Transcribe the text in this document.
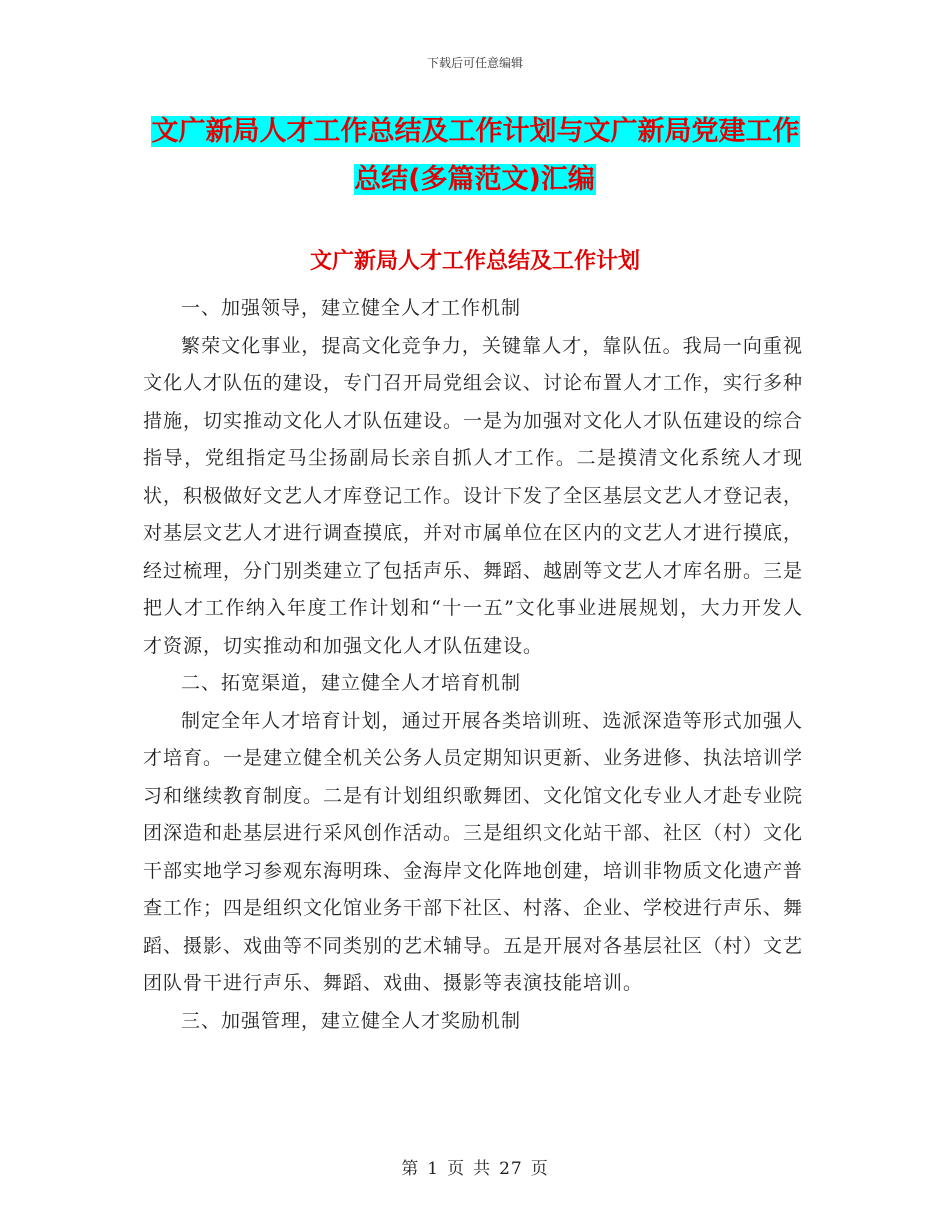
下载后可任意编辑
文广新局人才工作总结及工作计划与文广新局党建工作总结(多篇范文)汇编
文广新局人才工作总结及工作计划

一、加强领导，建立健全人才工作机制

繁荣文化事业，提高文化竞争力，关键靠人才，靠队伍。我局一向重视文化人才队伍的建设，专门召开局党组会议、讨论布置人才工作，实行多种措施，切实推动文化人才队伍建设。一是为加强对文化人才队伍建设的综合指导，党组指定马尘扬副局长亲自抓人才工作。二是摸清文化系统人才现状，积极做好文艺人才库登记工作。设计下发了全区基层文艺人才登记表，对基层文艺人才进行调查摸底，并对市属单位在区内的文艺人才进行摸底，经过梳理，分门别类建立了包括声乐、舞蹈、越剧等文艺人才库名册。三是把人才工作纳入年度工作计划和“十一五”文化事业进展规划，大力开发人才资源，切实推动和加强文化人才队伍建设。

二、拓宽渠道，建立健全人才培育机制

制定全年人才培育计划，通过开展各类培训班、选派深造等形式加强人才培育。一是建立健全机关公务人员定期知识更新、业务进修、执法培训学习和继续教育制度。二是有计划组织歌舞团、文化馆文化专业人才赴专业院团深造和赴基层进行采风创作活动。三是组织文化站干部、社区（村）文化干部实地学习参观东海明珠、金海岸文化阵地创建，培训非物质文化遗产普查工作；四是组织文化馆业务干部下社区、村落、企业、学校进行声乐、舞蹈、摄影、戏曲等不同类别的艺术辅导。五是开展对各基层社区（村）文艺团队骨干进行声乐、舞蹈、戏曲、摄影等表演技能培训。

三、加强管理，建立健全人才奖励机制

第 1 页 共 27 页
